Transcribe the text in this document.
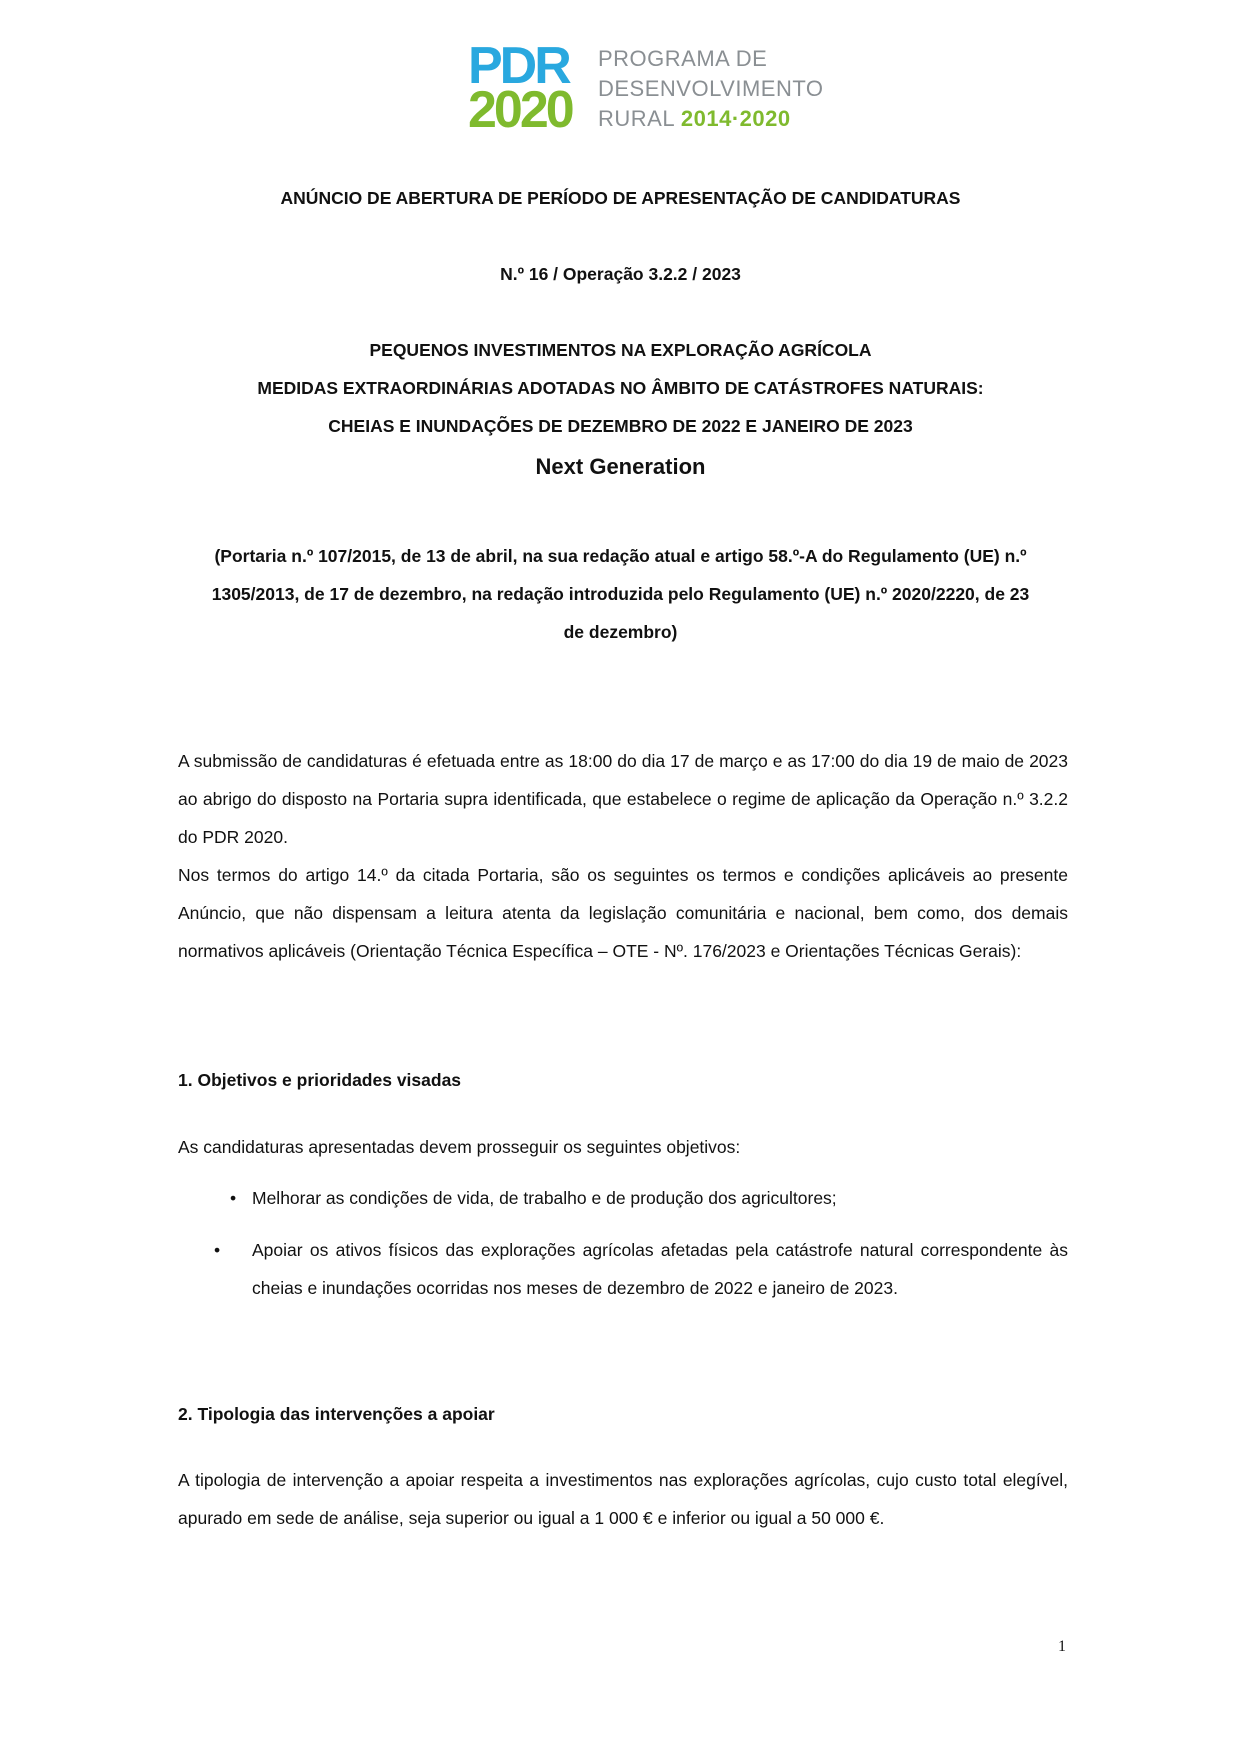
PDR
2020
PROGRAMA DE
DESENVOLVIMENTO
RURAL 2014·2020
ANÚNCIO DE ABERTURA DE PERÍODO DE APRESENTAÇÃO DE CANDIDATURAS
N.º 16 / Operação 3.2.2 / 2023
PEQUENOS INVESTIMENTOS NA EXPLORAÇÃO AGRÍCOLA
MEDIDAS EXTRAORDINÁRIAS ADOTADAS NO ÂMBITO DE CATÁSTROFES NATURAIS:
CHEIAS E INUNDAÇÕES DE DEZEMBRO DE 2022 E JANEIRO DE 2023
Next Generation
(Portaria n.º 107/2015, de 13 de abril, na sua redação atual e artigo 58.º-A do Regulamento (UE) n.º
1305/2013, de 17 de dezembro, na redação introduzida pelo Regulamento (UE) n.º 2020/2220, de 23
de dezembro)
A submissão de candidaturas é efetuada entre as 18:00 do dia 17 de março e as 17:00 do dia 19 de maio de 2023 ao abrigo do disposto na Portaria supra identificada, que estabelece o regime de aplicação da Operação n.º 3.2.2 do PDR 2020.
Nos termos do artigo 14.º da citada Portaria, são os seguintes os termos e condições aplicáveis ao presente Anúncio, que não dispensam a leitura atenta da legislação comunitária e nacional, bem como, dos demais normativos aplicáveis (Orientação Técnica Específica – OTE - Nº. 176/2023 e Orientações Técnicas Gerais):
1. Objetivos e prioridades visadas
As candidaturas apresentadas devem prosseguir os seguintes objetivos:
• Melhorar as condições de vida, de trabalho e de produção dos agricultores;
• Apoiar os ativos físicos das explorações agrícolas afetadas pela catástrofe natural correspondente às cheias e inundações ocorridas nos meses de dezembro de 2022 e janeiro de 2023.
2. Tipologia das intervenções a apoiar
A tipologia de intervenção a apoiar respeita a investimentos nas explorações agrícolas, cujo custo total elegível, apurado em sede de análise, seja superior ou igual a 1 000 € e inferior ou igual a 50 000 €.
1
